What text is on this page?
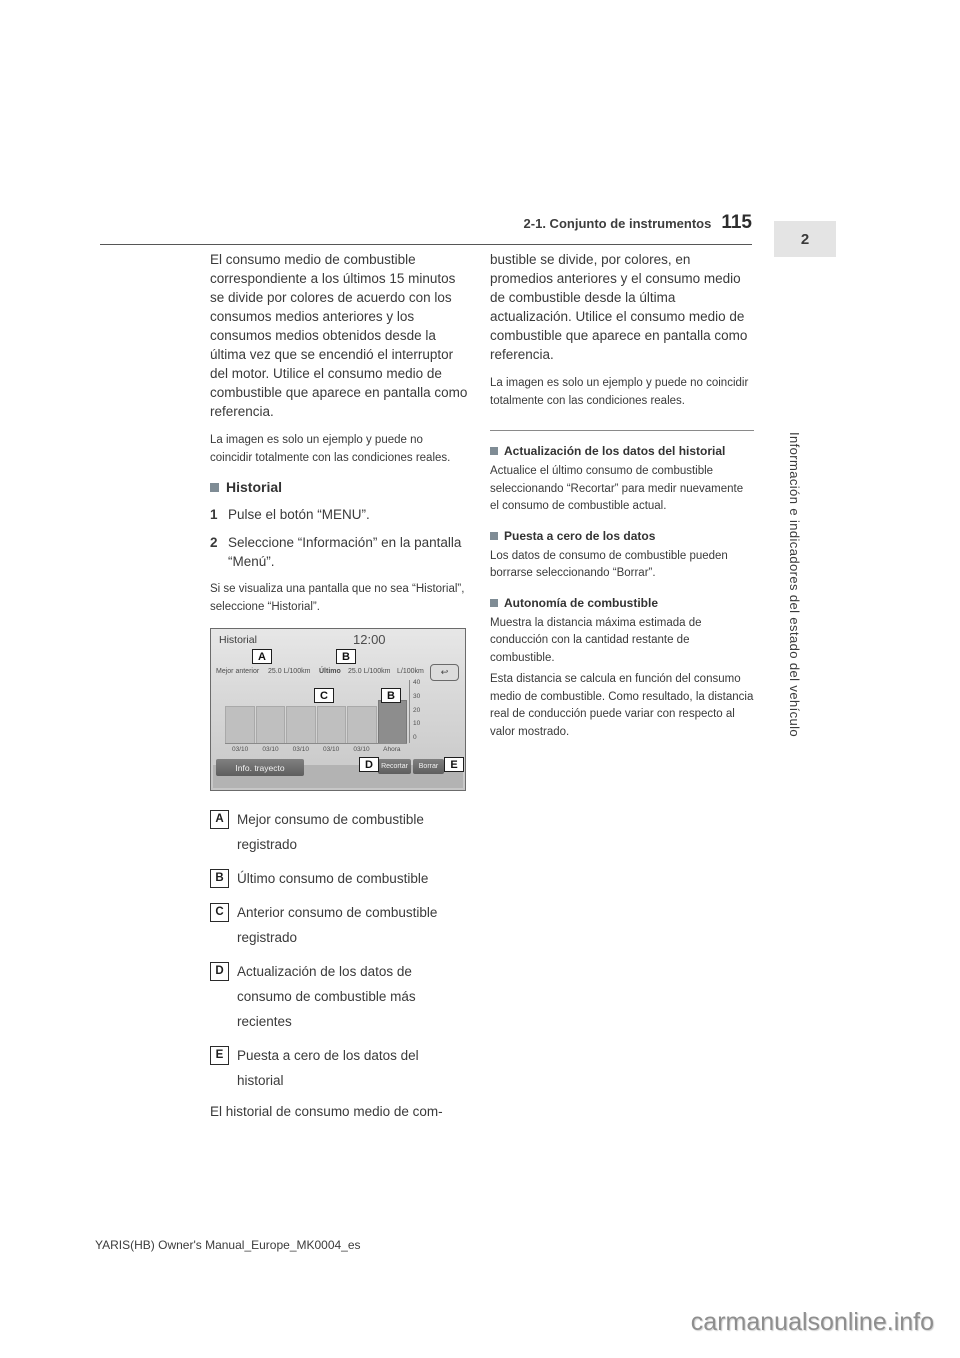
2-1. Conjunto de instrumentos 115
2
Información e indicadores del estado del vehículo

El consumo medio de combustible correspondiente a los últimos 15 minutos se divide por colores de acuerdo con los consumos medios anteriores y los consumos medios obtenidos desde la última vez que se encendió el interruptor del motor. Utilice el consumo medio de combustible que aparece en pantalla como referencia.

La imagen es solo un ejemplo y puede no coincidir totalmente con las condiciones reales.

Historial
1 Pulse el botón “MENU”.
2 Seleccione “Información” en la pantalla “Menú”.

Si se visualiza una pantalla que no sea “Historial”, seleccione “Historial”.

Historial	12:00
Mejor anterior 25.0 L/100km Último 25.0 L/100km L/100km	↩
A	B
C	B
D	E
40
30
20
10
0
03/10	03/10	03/10	03/10	03/10	Ahora
Info. trayecto	Recortar	Borrar
A Mejor consumo de combustible registrado
B Último consumo de combustible
C Anterior consumo de combustible registrado
D Actualización de los datos de consumo de combustible más recientes
E	Puesta a cero de los datos del historial

El historial de consumo medio de com-

bustible se divide, por colores, en promedios anteriores y el consumo medio de combustible desde la última actualización. Utilice el consumo medio de combustible que aparece en pantalla como referencia.

La imagen es solo un ejemplo y puede no coincidir totalmente con las condiciones reales.

Actualización de los datos del historial

Actualice el último consumo de combustible seleccionando “Recortar” para medir nuevamente el consumo de combustible actual.

Puesta a cero de los datos

Los datos de consumo de combustible pueden borrarse seleccionando “Borrar”.

Autonomía de combustible

Muestra la distancia máxima estimada de conducción con la cantidad restante de combustible.

Esta distancia se calcula en función del consumo medio de combustible. Como resultado, la distancia real de conducción puede variar con respecto al valor mostrado.

YARIS(HB) Owner's Manual_Europe_MK0004_es
carmanualsonline.info
